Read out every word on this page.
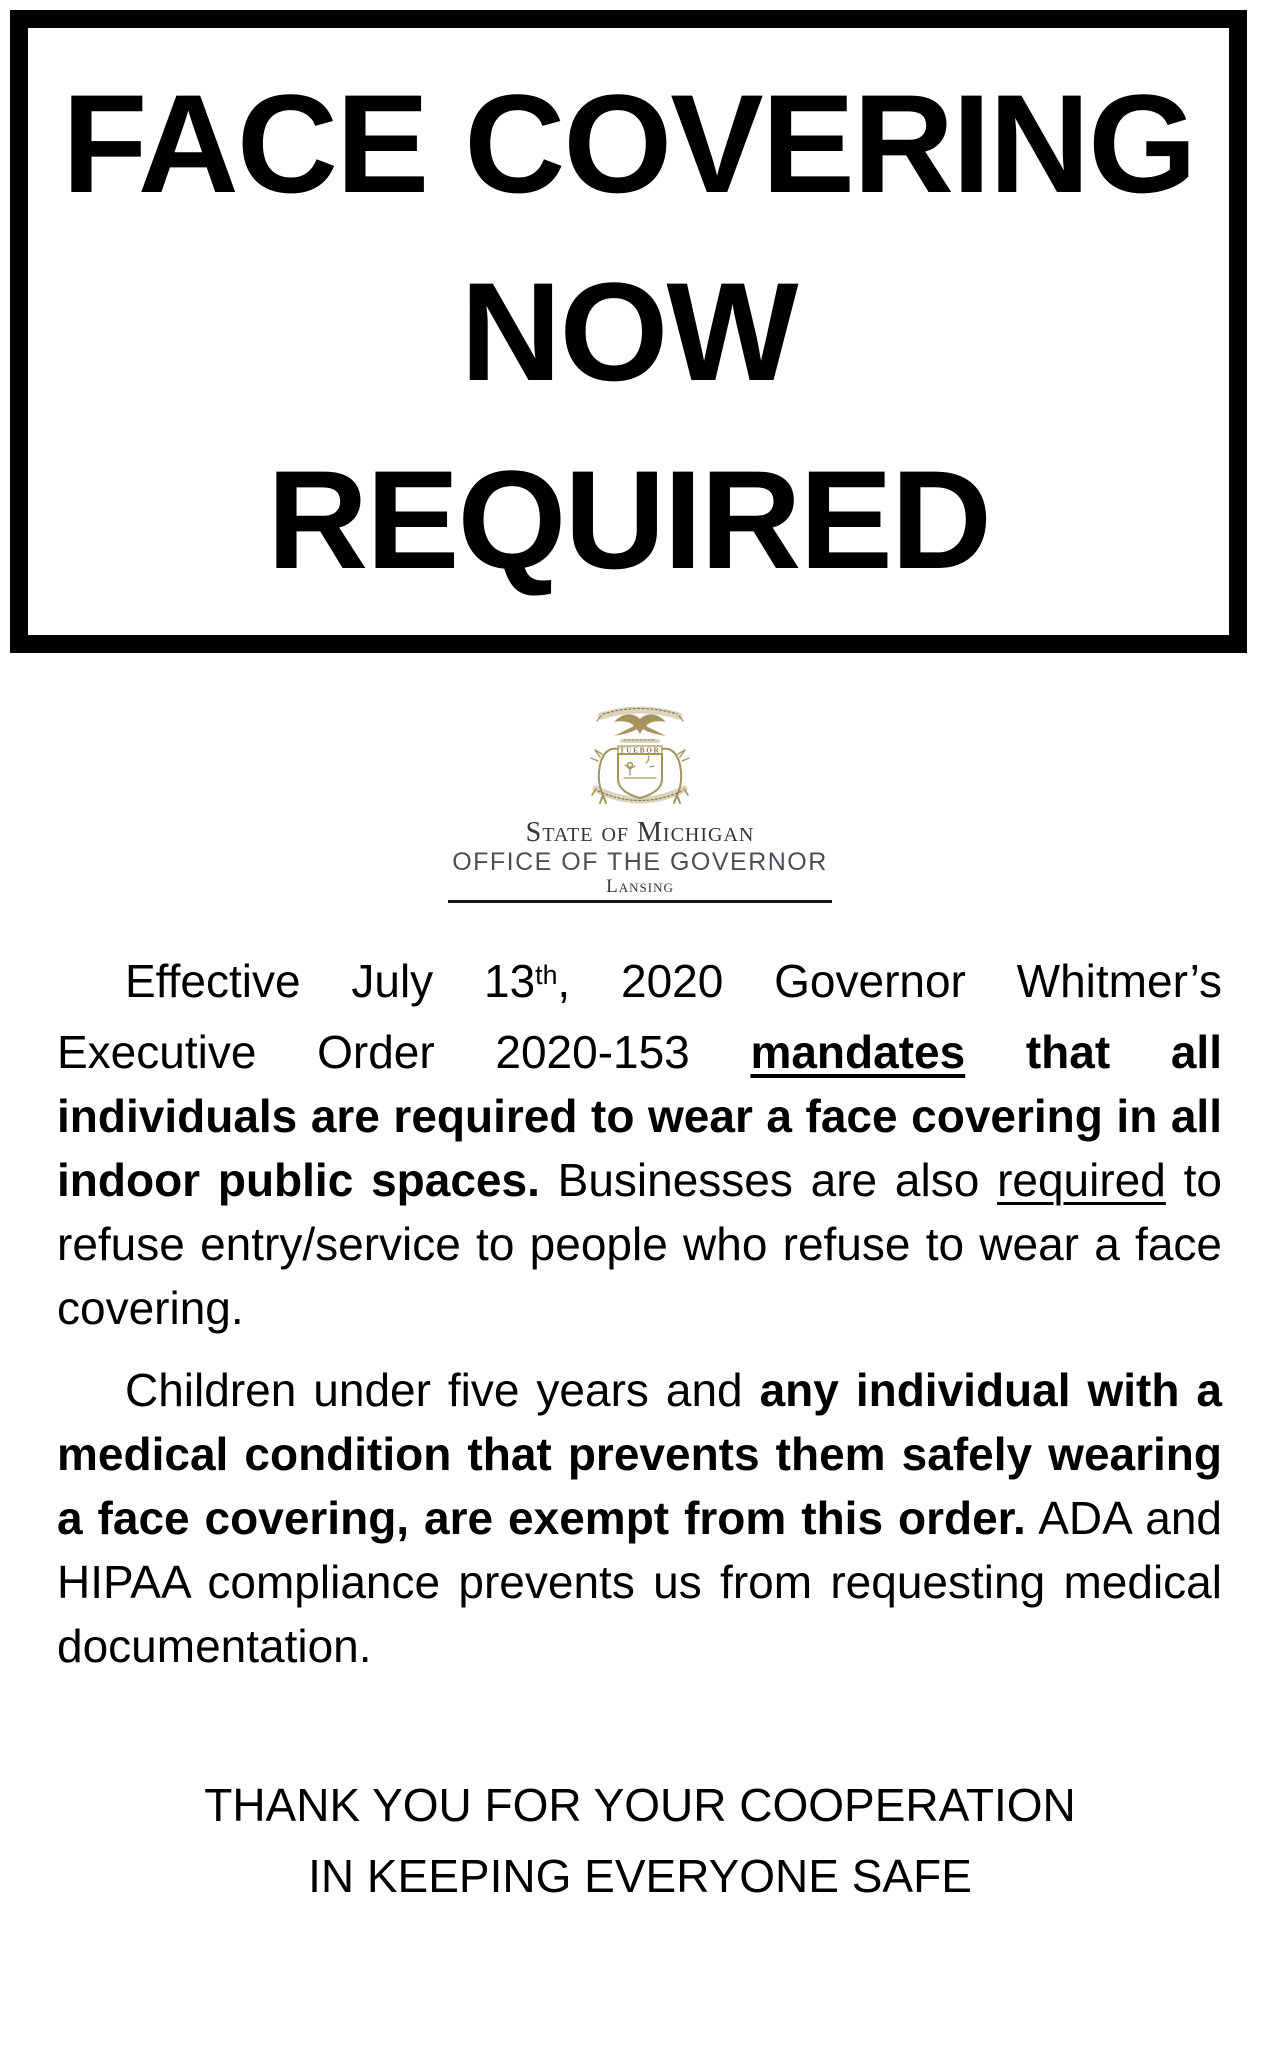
FACE COVERING
NOW
REQUIRED
TUEBOR
State of Michigan
OFFICE OF THE GOVERNOR
Lansing

Effective July 13th, 2020 Governor Whitmer’s Executive Order 2020-153 mandates that all individuals are required to wear a face covering in all indoor public spaces. Businesses are also required to refuse entry/service to people who refuse to wear a face covering.

Children under five years and any individual with a medical condition that prevents them safely wearing a face covering, are exempt from this order. ADA and HIPAA compliance prevents us from requesting medical documentation.

THANK YOU FOR YOUR COOPERATION
IN KEEPING EVERYONE SAFE
